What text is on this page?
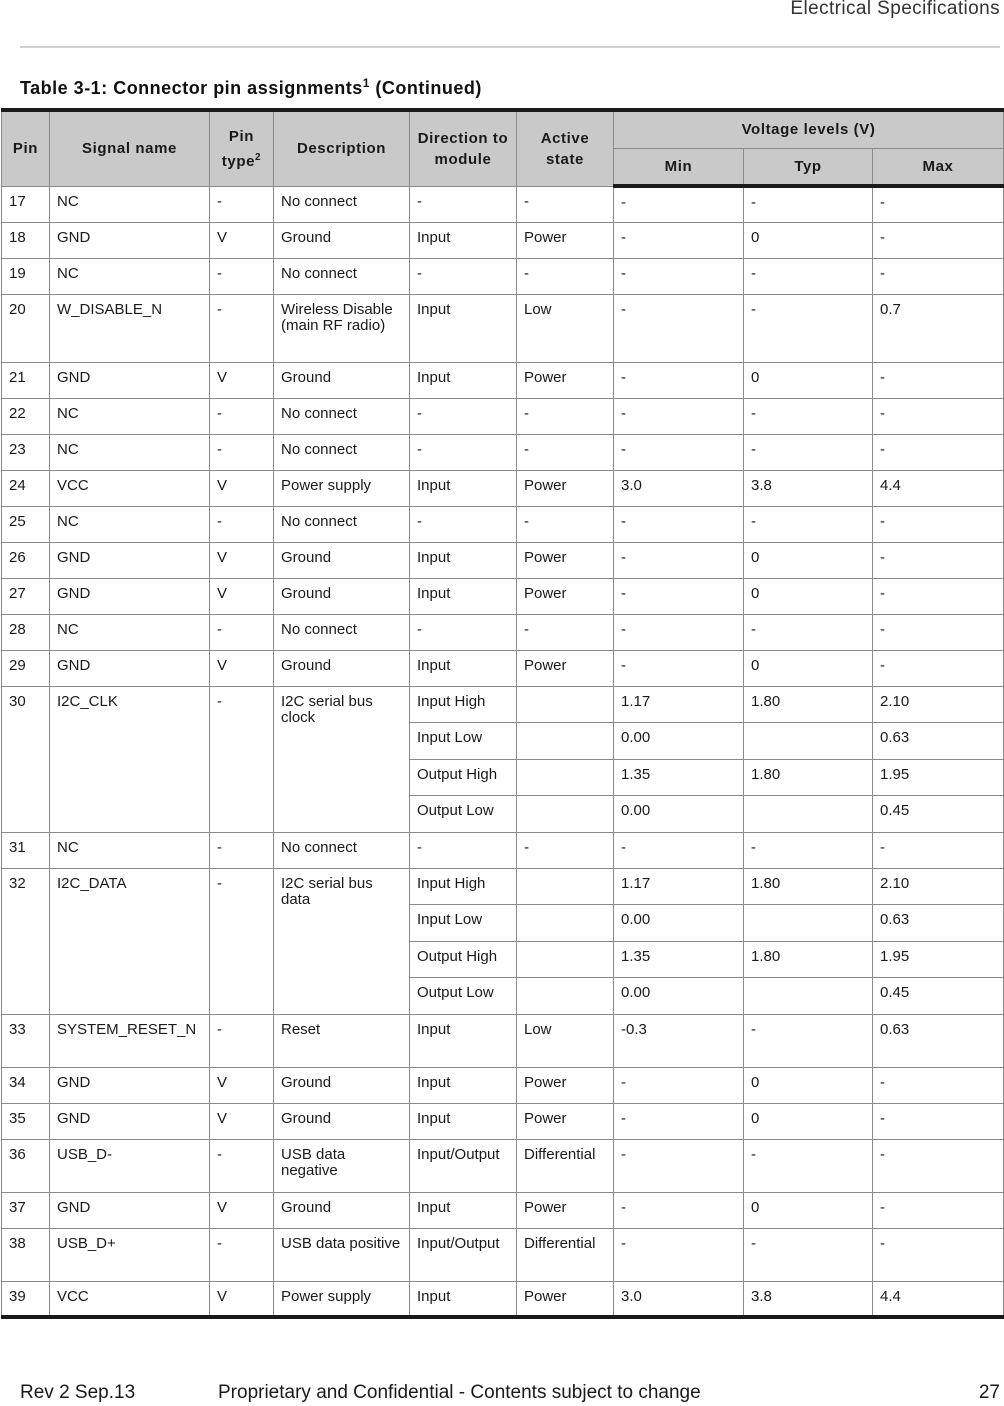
Electrical Specifications
Table 3-1: Connector pin assignments$^1$ (Continued)
Pin	Signal name	Pin type$^2$	Description	Direction to module	Active state	Voltage levels (V)		
						Min	Typ	Max
17	NC	-	No connect	-	-	-	-	-
18	GND	V	Ground	Input	Power	-	0	-
19	NC	-	No connect	-	-	-	-	-
20	W_DISABLE_N	-	Wireless Disable (main RF radio)	Input	Low	-	-	0.7
21	GND	V	Ground	Input	Power	-	0	-
22	NC	-	No connect	-	-	-	-	-
23	NC	-	No connect	-	-	-	-	-
24	VCC	V	Power supply	Input	Power	3.0	3.8	4.4
25	NC	-	No connect	-	-	-	-	-
26	GND	V	Ground	Input	Power	-	0	-
27	GND	V	Ground	Input	Power	-	0	-
28	NC	-	No connect	-	-	-	-	-
29	GND	V	Ground	Input	Power	-	0	-
30	I2C_CLK	-	I2C serial bus clock	Input High		1.17	1.80	2.10
				Input Low		0.00		0.63
				Output High		1.35	1.80	1.95
				Output Low		0.00		0.45
31	NC	-	No connect	-	-	-	-	-
32	I2C_DATA	-	I2C serial bus data	Input High		1.17	1.80	2.10
				Input Low		0.00		0.63
				Output High		1.35	1.80	1.95
				Output Low		0.00		0.45
33	SYSTEM_RESET_N	-	Reset	Input	Low	-0.3	-	0.63
34	GND	V	Ground	Input	Power	-	0	-
35	GND	V	Ground	Input	Power	-	0	-
36	USB_D-	-	USB data negative	Input/Output	Differential	-	-	-
37	GND	V	Ground	Input	Power	-	0	-
38	USB_D+	-	USB data positive	Input/Output	Differential	-	-	-
39	VCC	V	Power supply	Input	Power	3.0	3.8	4.4
Rev 2 Sep.13	Proprietary and Confidential - Contents subject to change	27
